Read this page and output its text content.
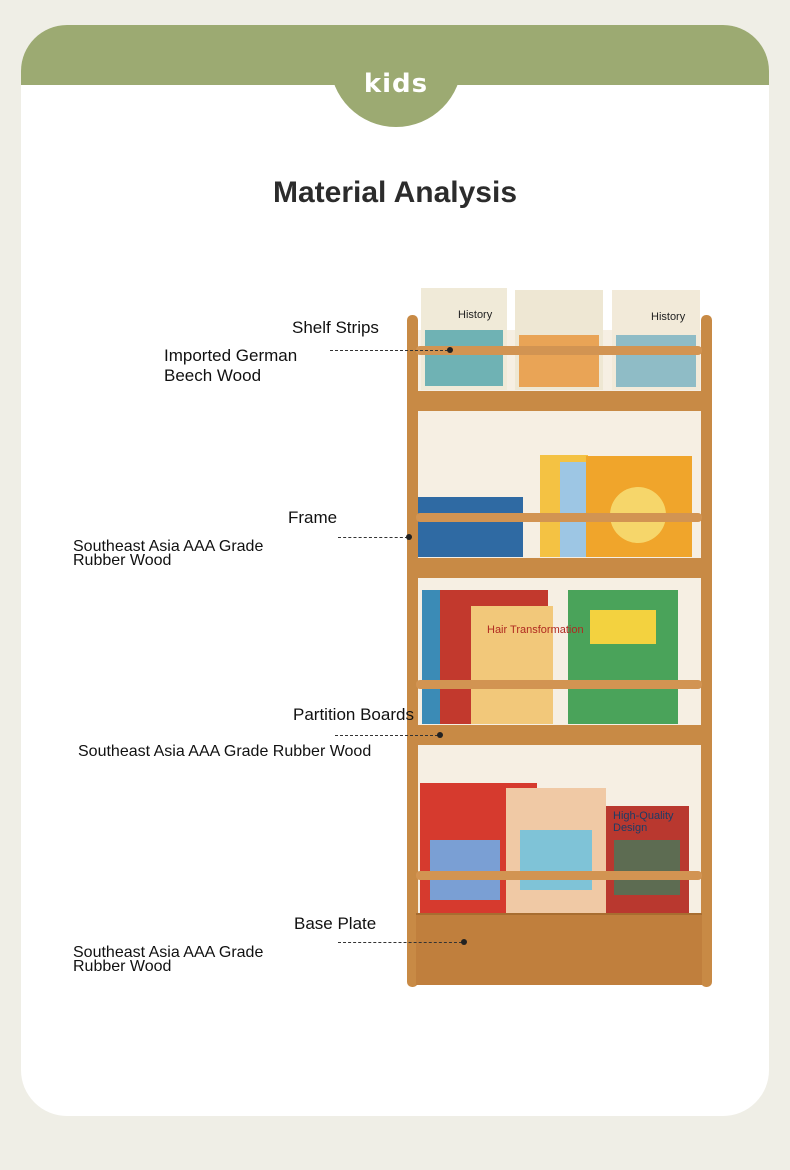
kids
Material Analysis
History	History
Hair Transformation
High-Quality Design
Shelf Strips
Imported German Beech Wood
Frame
Southeast Asia AAA Grade Rubber Wood
Partition Boards
Southeast Asia AAA Grade Rubber Wood
Base Plate
Southeast Asia AAA Grade Rubber Wood
